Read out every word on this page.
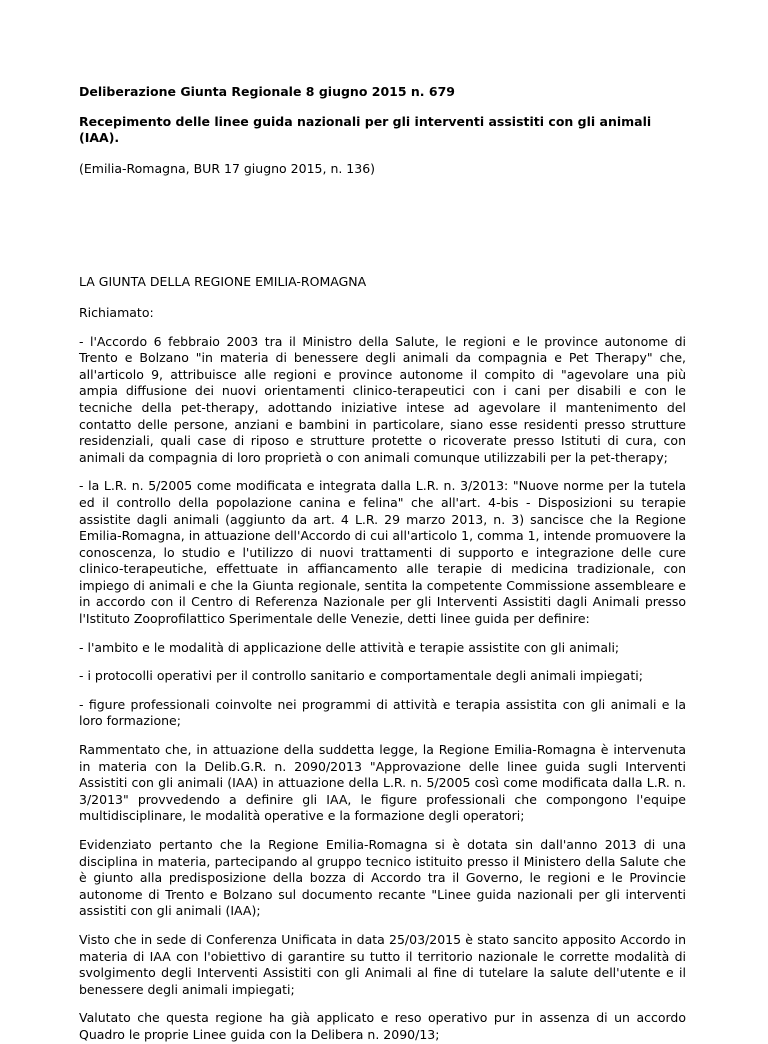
Deliberazione Giunta Regionale 8 giugno 2015 n. 679

Recepimento delle linee guida nazionali per gli interventi assistiti con gli animali (IAA).

(Emilia-Romagna, BUR 17 giugno 2015, n. 136)

LA GIUNTA DELLA REGIONE EMILIA-ROMAGNA

Richiamato:

- l'Accordo 6 febbraio 2003 tra il Ministro della Salute, le regioni e le province autonome di Trento e Bolzano "in materia di benessere degli animali da compagnia e Pet Therapy" che, all'articolo 9, attribuisce alle regioni e province autonome il compito di "agevolare una più ampia diffusione dei nuovi orientamenti clinico-terapeutici con i cani per disabili e con le tecniche della pet-therapy, adottando iniziative intese ad agevolare il mantenimento del contatto delle persone, anziani e bambini in particolare, siano esse residenti presso strutture residenziali, quali case di riposo e strutture protette o ricoverate presso Istituti di cura, con animali da compagnia di loro proprietà o con animali comunque utilizzabili per la pet-therapy;

- la L.R. n. 5/2005 come modificata e integrata dalla L.R. n. 3/2013: "Nuove norme per la tutela ed il controllo della popolazione canina e felina" che all'art. 4-bis - Disposizioni su terapie assistite dagli animali (aggiunto da art. 4 L.R. 29 marzo 2013, n. 3) sancisce che la Regione Emilia-Romagna, in attuazione dell'Accordo di cui all'articolo 1, comma 1, intende promuovere la conoscenza, lo studio e l'utilizzo di nuovi trattamenti di supporto e integrazione delle cure clinico-terapeutiche, effettuate in affiancamento alle terapie di medicina tradizionale, con impiego di animali e che la Giunta regionale, sentita la competente Commissione assembleare e in accordo con il Centro di Referenza Nazionale per gli Interventi Assistiti dagli Animali presso l'Istituto Zooprofilattico Sperimentale delle Venezie, detti linee guida per definire:

- l'ambito e le modalità di applicazione delle attività e terapie assistite con gli animali;

- i protocolli operativi per il controllo sanitario e comportamentale degli animali impiegati;

- figure professionali coinvolte nei programmi di attività e terapia assistita con gli animali e la loro formazione;

Rammentato che, in attuazione della suddetta legge, la Regione Emilia-Romagna è intervenuta in materia con la Delib.G.R. n. 2090/2013 "Approvazione delle linee guida sugli Interventi Assistiti con gli animali (IAA) in attuazione della L.R. n. 5/2005 così come modificata dalla L.R. n. 3/2013" provvedendo a definire gli IAA, le figure professionali che compongono l'equipe multidisciplinare, le modalità operative e la formazione degli operatori;

Evidenziato pertanto che la Regione Emilia-Romagna si è dotata sin dall'anno 2013 di una disciplina in materia, partecipando al gruppo tecnico istituito presso il Ministero della Salute che è giunto alla predisposizione della bozza di Accordo tra il Governo, le regioni e le Provincie autonome di Trento e Bolzano sul documento recante "Linee guida nazionali per gli interventi assistiti con gli animali (IAA);

Visto che in sede di Conferenza Unificata in data 25/03/2015 è stato sancito apposito Accordo in materia di IAA con l'obiettivo di garantire su tutto il territorio nazionale le corrette modalità di svolgimento degli Interventi Assistiti con gli Animali al fine di tutelare la salute dell'utente e il benessere degli animali impiegati;

Valutato che questa regione ha già applicato e reso operativo pur in assenza di un accordo Quadro le proprie Linee guida con la Delibera n. 2090/13;
